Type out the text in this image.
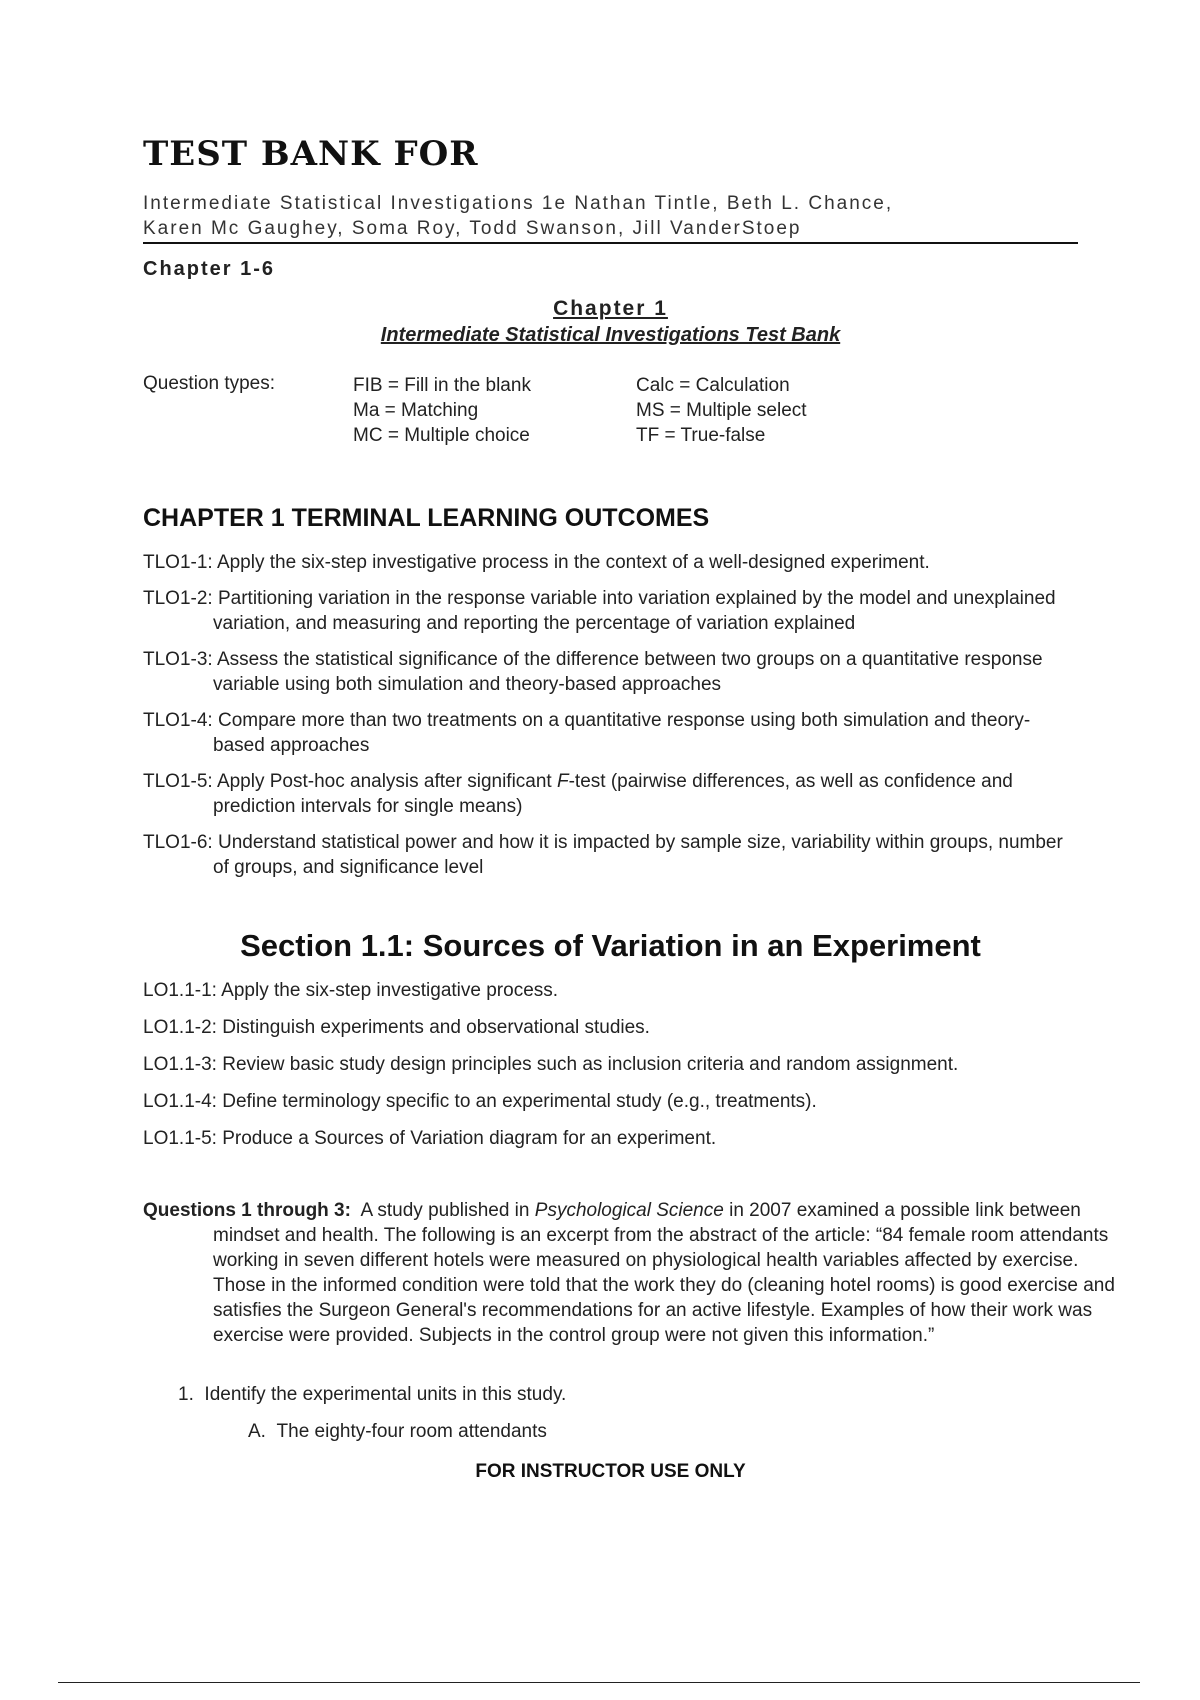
TEST BANK FOR
Intermediate Statistical Investigations 1e Nathan Tintle, Beth L. Chance,
Karen Mc Gaughey, Soma Roy, Todd Swanson, Jill VanderStoep
Chapter 1-6
Chapter 1
Intermediate Statistical Investigations Test Bank
Question types:	FIB = Fill in the blank
Ma = Matching
MC = Multiple choice
Calc = Calculation
MS = Multiple select
TF = True-false
CHAPTER 1 TERMINAL LEARNING OUTCOMES
TLO1-1: Apply the six-step investigative process in the context of a well-designed experiment.
TLO1-2: Partitioning variation in the response variable into variation explained by the model and unexplained variation, and measuring and reporting the percentage of variation explained
TLO1-3: Assess the statistical significance of the difference between two groups on a quantitative response variable using both simulation and theory-based approaches
TLO1-4: Compare more than two treatments on a quantitative response using both simulation and theory-based approaches
TLO1-5: Apply Post-hoc analysis after significant F-test (pairwise differences, as well as confidence and prediction intervals for single means)
TLO1-6: Understand statistical power and how it is impacted by sample size, variability within groups, number of groups, and significance level
Section 1.1: Sources of Variation in an Experiment
LO1.1-1: Apply the six-step investigative process.
LO1.1-2: Distinguish experiments and observational studies.
LO1.1-3: Review basic study design principles such as inclusion criteria and random assignment.
LO1.1-4: Define terminology specific to an experimental study (e.g., treatments).
LO1.1-5: Produce a Sources of Variation diagram for an experiment.
Questions 1 through 3: A study published in Psychological Science in 2007 examined a possible link between mindset and health. The following is an excerpt from the abstract of the article: “84 female room attendants working in seven different hotels were measured on physiological health variables affected by exercise. Those in the informed condition were told that the work they do (cleaning hotel rooms) is good exercise and satisfies the Surgeon General's recommendations for an active lifestyle. Examples of how their work was exercise were provided. Subjects in the control group were not given this information.”
1. Identify the experimental units in this study.
A. The eighty-four room attendants
FOR INSTRUCTOR USE ONLY
